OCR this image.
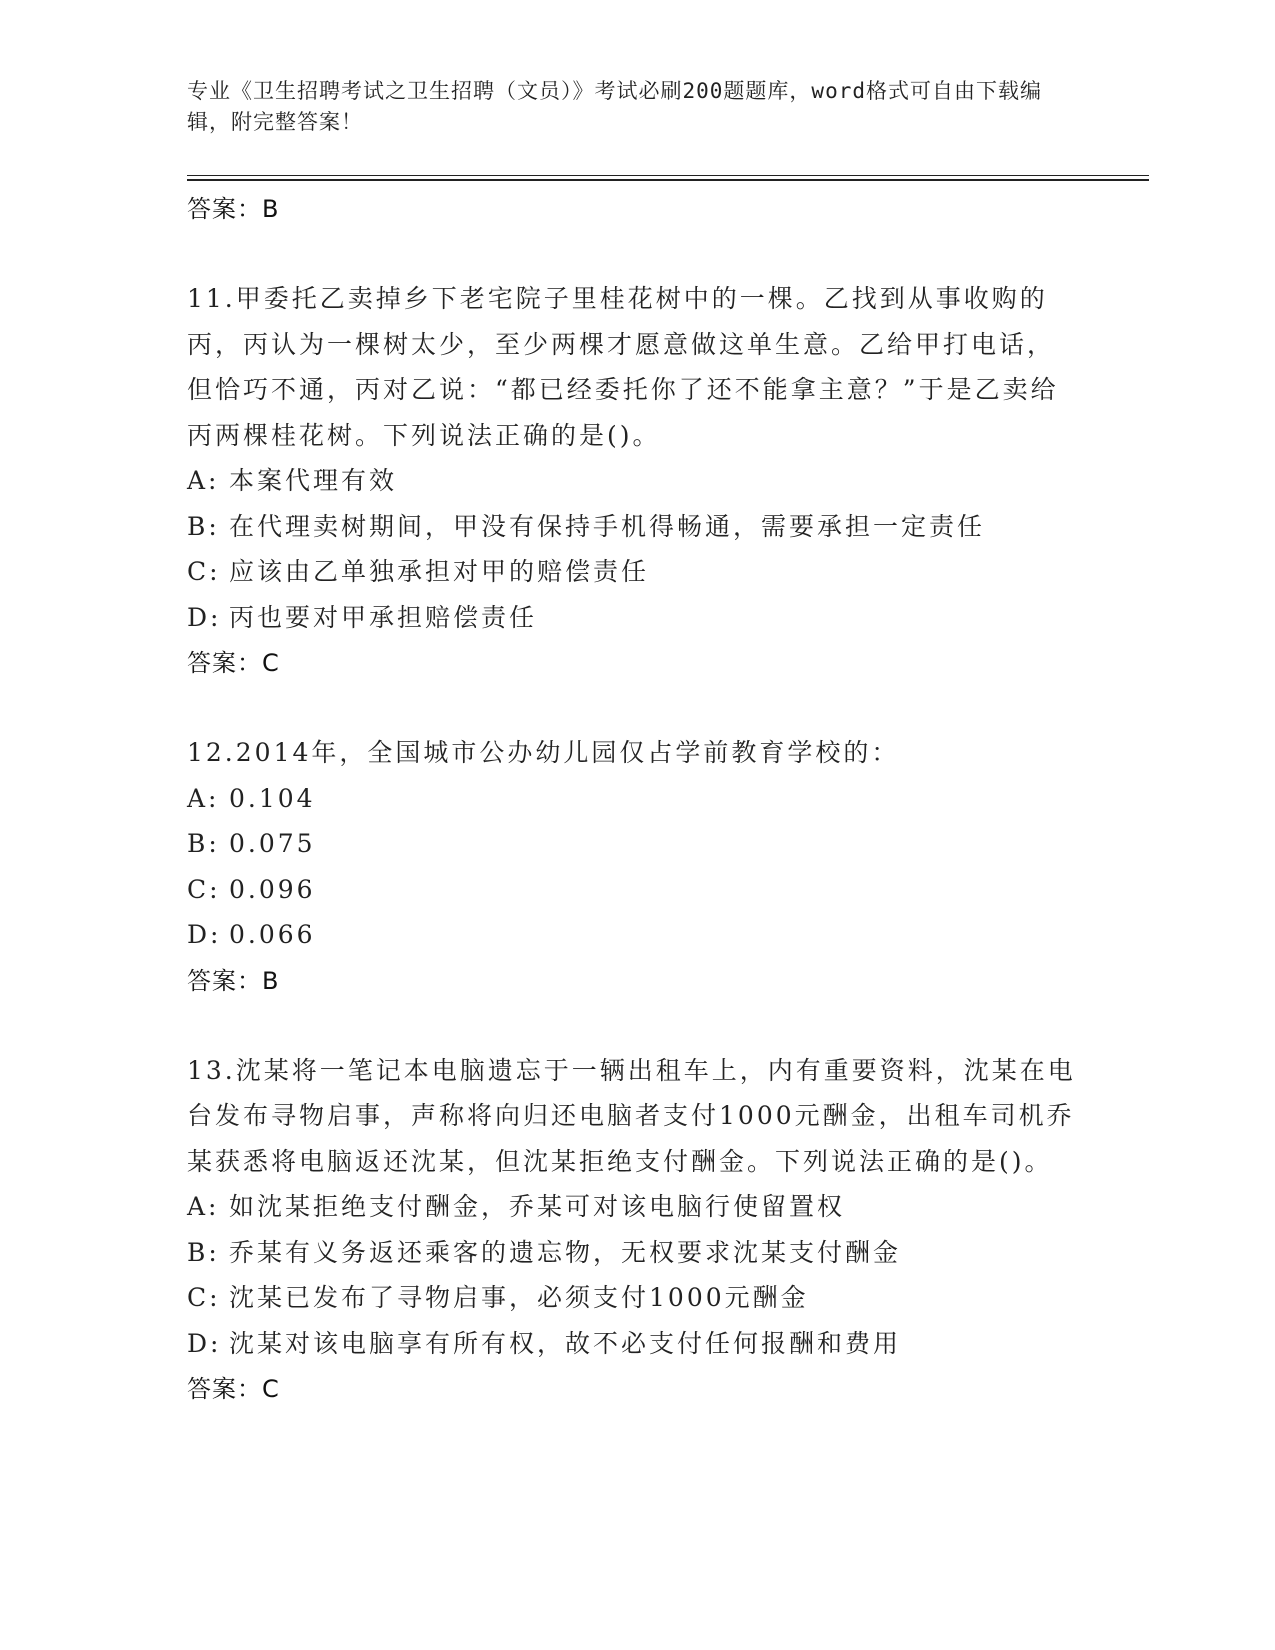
专业《卫生招聘考试之卫生招聘（文员）》考试必刷200题题库，word格式可自由下载编辑，附完整答案！
答案：B
11.甲委托乙卖掉乡下老宅院子里桂花树中的一棵。乙找到从事收购的丙，丙认为一棵树太少，至少两棵才愿意做这单生意。乙给甲打电话，但恰巧不通，丙对乙说：“都已经委托你了还不能拿主意？”于是乙卖给丙两棵桂花树。下列说法正确的是()。
A: 本案代理有效
B: 在代理卖树期间，甲没有保持手机得畅通，需要承担一定责任
C: 应该由乙单独承担对甲的赔偿责任
D: 丙也要对甲承担赔偿责任
答案：C
12.2014年，全国城市公办幼儿园仅占学前教育学校的：
A: 0.104
B: 0.075
C: 0.096
D: 0.066
答案：B
13.沈某将一笔记本电脑遗忘于一辆出租车上，内有重要资料，沈某在电台发布寻物启事，声称将向归还电脑者支付1000元酬金，出租车司机乔某获悉将电脑返还沈某，但沈某拒绝支付酬金。下列说法正确的是()。
A: 如沈某拒绝支付酬金，乔某可对该电脑行使留置权
B: 乔某有义务返还乘客的遗忘物，无权要求沈某支付酬金
C: 沈某已发布了寻物启事，必须支付1000元酬金
D: 沈某对该电脑享有所有权，故不必支付任何报酬和费用
答案：C
